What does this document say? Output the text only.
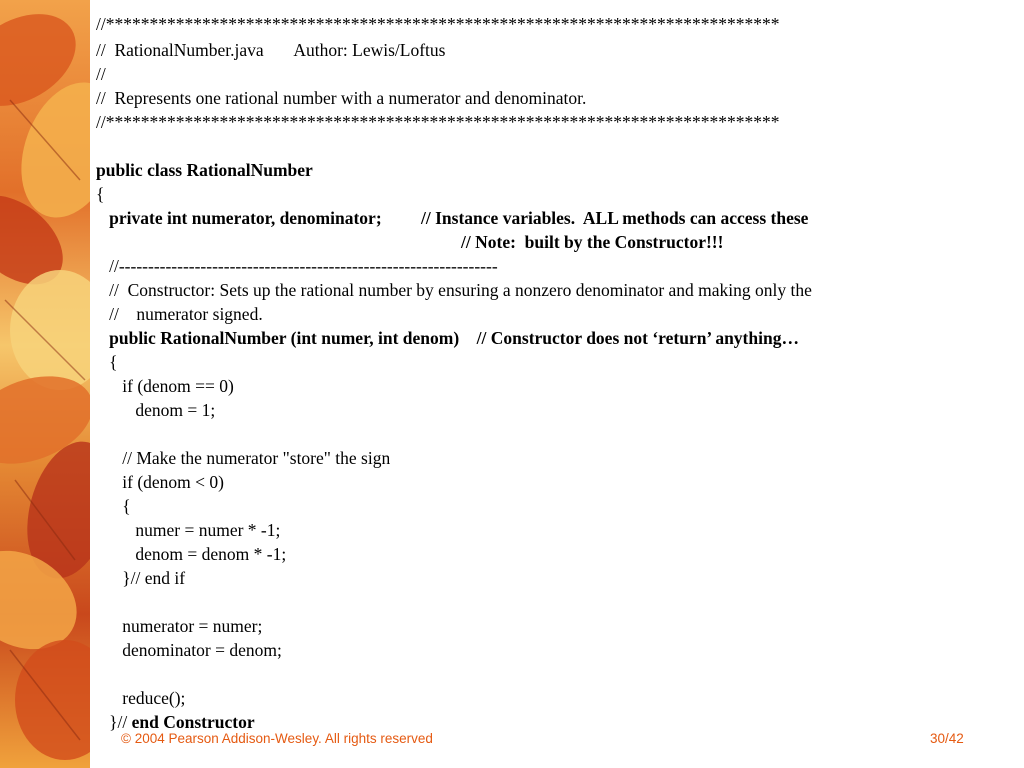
//*****************************************************************************
//  RationalNumber.java       Author: Lewis/Loftus
//
//  Represents one rational number with a numerator and denominator.
//*****************************************************************************
public class RationalNumber
{
private int numerator, denominator;         // Instance variables.  ALL methods can access these
// Note:  built by the Constructor!!!
//-----------------------------------------------------------------
//  Constructor: Sets up the rational number by ensuring a nonzero denominator and making only the
//    numerator signed.
public RationalNumber (int numer, int denom)    // Constructor does not ‘return’ anything…
{
if (denom == 0)
denom = 1;
// Make the numerator "store" the sign
if (denom < 0)
{
numer = numer * -1;
denom = denom * -1;
}// end if
numerator = numer;
denominator = denom;
reduce();
}// end Constructor
© 2004 Pearson Addison-Wesley. All rights reserved	30/42
